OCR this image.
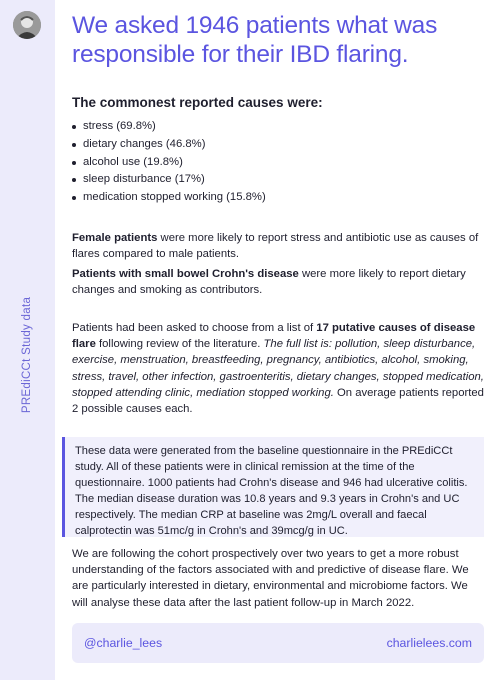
PREdiCCt Study data
We asked 1946 patients what was responsible for their IBD flaring.
The commonest reported causes were:
stress (69.8%)
dietary changes (46.8%)
alcohol use (19.8%)
sleep disturbance (17%)
medication stopped working (15.8%)

Female patients were more likely to report stress and antibiotic use as causes of flares compared to male patients.

Patients with small bowel Crohn's disease were more likely to report dietary changes and smoking as contributors.

Patients had been asked to choose from a list of 17 putative causes of disease flare following review of the literature. The full list is: pollution, sleep disturbance, exercise, menstruation, breastfeeding, pregnancy, antibiotics, alcohol, smoking, stress, travel, other infection, gastroenteritis, dietary changes, stopped medication, stopped attending clinic, mediation stopped working. On average patients reported 2 possible causes each.

We are following the cohort prospectively over two years to get a more robust understanding of the factors associated with and predictive of disease flare. We are particularly interested in dietary, environmental and microbiome factors. We will analyse these data after the last patient follow-up in March 2022.

These data were generated from the baseline questionnaire in the PREdiCCt study. All of these patients were in clinical remission at the time of the questionnaire. 1000 patients had Crohn's disease and 946 had ulcerative colitis. The median disease duration was 10.8 years and 9.3 years in Crohn's and UC respectively. The median CRP at baseline was 2mg/L overall and faecal calprotectin was 51mc/g in Crohn's and 39mcg/g in UC.
@charlie_lees	charlielees.com
